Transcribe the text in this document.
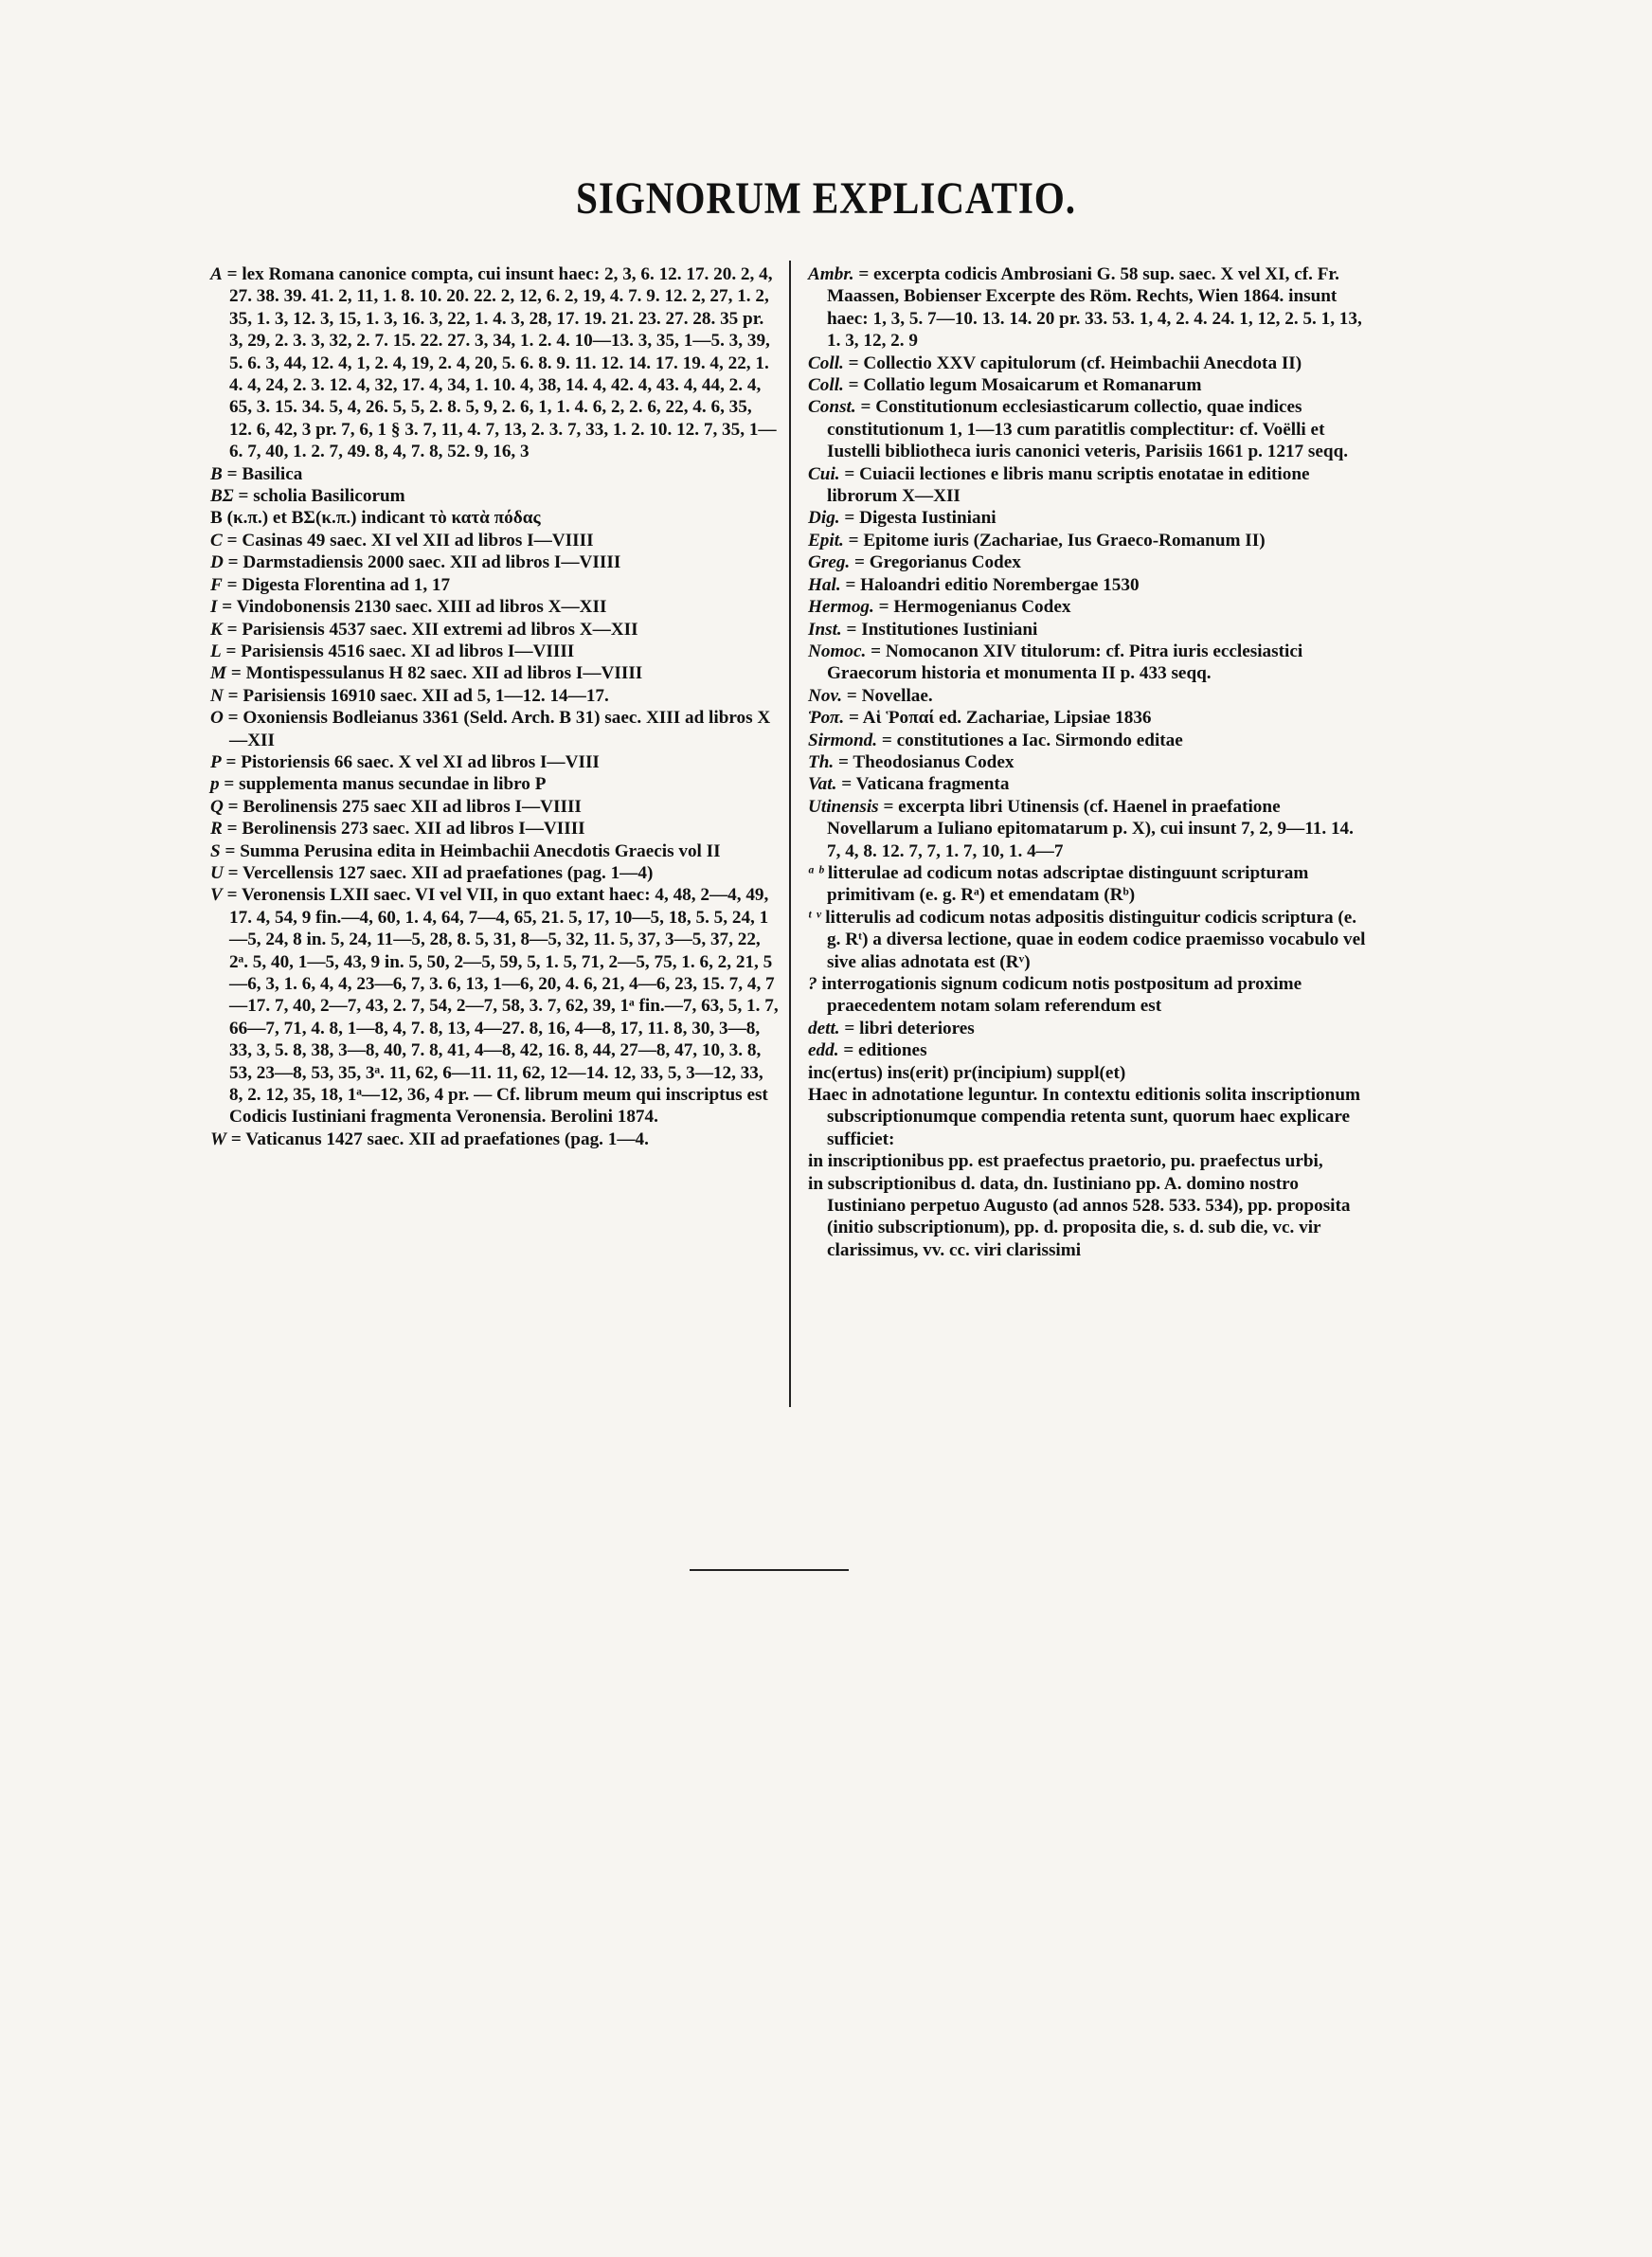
SIGNORUM EXPLICATIO.

A = lex Romana canonice compta, cui insunt haec: 2, 3, 6. 12. 17. 20. 2, 4, 27. 38. 39. 41. 2, 11, 1. 8. 10. 20. 22. 2, 12, 6. 2, 19, 4. 7. 9. 12. 2, 27, 1. 2, 35, 1. 3, 12. 3, 15, 1. 3, 16. 3, 22, 1. 4. 3, 28, 17. 19. 21. 23. 27. 28. 35 pr. 3, 29, 2. 3. 3, 32, 2. 7. 15. 22. 27. 3, 34, 1. 2. 4. 10—13. 3, 35, 1—5. 3, 39, 5. 6. 3, 44, 12. 4, 1, 2. 4, 19, 2. 4, 20, 5. 6. 8. 9. 11. 12. 14. 17. 19. 4, 22, 1. 4. 4, 24, 2. 3. 12. 4, 32, 17. 4, 34, 1. 10. 4, 38, 14. 4, 42. 4, 43. 4, 44, 2. 4, 65, 3. 15. 34. 5, 4, 26. 5, 5, 2. 8. 5, 9, 2. 6, 1, 1. 4. 6, 2, 2. 6, 22, 4. 6, 35, 12. 6, 42, 3 pr. 7, 6, 1 § 3. 7, 11, 4. 7, 13, 2. 3. 7, 33, 1. 2. 10. 12. 7, 35, 1—6. 7, 40, 1. 2. 7, 49. 8, 4, 7. 8, 52. 9, 16, 3

B = Basilica

BΣ = scholia Basilicorum

B (κ.π.) et BΣ(κ.π.) indicant τὸ κατὰ πόδας

C = Casinas 49 saec. XI vel XII ad libros I—VIIII

D = Darmstadiensis 2000 saec. XII ad libros I—VIIII

F = Digesta Florentina ad 1, 17

I = Vindobonensis 2130 saec. XIII ad libros X—XII

K = Parisiensis 4537 saec. XII extremi ad libros X—XII

L = Parisiensis 4516 saec. XI ad libros I—VIIII

M = Montispessulanus H 82 saec. XII ad libros I—VIIII

N = Parisiensis 16910 saec. XII ad 5, 1—12. 14—17.

O = Oxoniensis Bodleianus 3361 (Seld. Arch. B 31) saec. XIII ad libros X—XII

P = Pistoriensis 66 saec. X vel XI ad libros I—VIII

p = supplementa manus secundae in libro P

Q = Berolinensis 275 saec XII ad libros I—VIIII

R = Berolinensis 273 saec. XII ad libros I—VIIII

S = Summa Perusina edita in Heimbachii Anecdotis Graecis vol II

U = Vercellensis 127 saec. XII ad praefationes (pag. 1—4)

V = Veronensis LXII saec. VI vel VII, in quo extant haec: 4, 48, 2—4, 49, 17. 4, 54, 9 fin.—4, 60, 1. 4, 64, 7—4, 65, 21. 5, 17, 10—5, 18, 5. 5, 24, 1—5, 24, 8 in. 5, 24, 11—5, 28, 8. 5, 31, 8—5, 32, 11. 5, 37, 3—5, 37, 22, 2ᵃ. 5, 40, 1—5, 43, 9 in. 5, 50, 2—5, 59, 5, 1. 5, 71, 2—5, 75, 1. 6, 2, 21, 5—6, 3, 1. 6, 4, 4, 23—6, 7, 3. 6, 13, 1—6, 20, 4. 6, 21, 4—6, 23, 15. 7, 4, 7—17. 7, 40, 2—7, 43, 2. 7, 54, 2—7, 58, 3. 7, 62, 39, 1ᵃ fin.—7, 63, 5, 1. 7, 66—7, 71, 4. 8, 1—8, 4, 7. 8, 13, 4—27. 8, 16, 4—8, 17, 11. 8, 30, 3—8, 33, 3, 5. 8, 38, 3—8, 40, 7. 8, 41, 4—8, 42, 16. 8, 44, 27—8, 47, 10, 3. 8, 53, 23—8, 53, 35, 3ᵃ. 11, 62, 6—11. 11, 62, 12—14. 12, 33, 5, 3—12, 33, 8, 2. 12, 35, 18, 1ᵃ—12, 36, 4 pr. — Cf. librum meum qui inscriptus est Codicis Iustiniani fragmenta Veronensia. Berolini 1874.

W = Vaticanus 1427 saec. XII ad praefationes (pag. 1—4.

Ambr. = excerpta codicis Ambrosiani G. 58 sup. saec. X vel XI, cf. Fr. Maassen, Bobienser Excerpte des Röm. Rechts, Wien 1864. insunt haec: 1, 3, 5. 7—10. 13. 14. 20 pr. 33. 53. 1, 4, 2. 4. 24. 1, 12, 2. 5. 1, 13, 1. 3, 12, 2. 9

Coll. = Collectio XXV capitulorum (cf. Heimbachii Anecdota II)

Coll. = Collatio legum Mosaicarum et Romanarum

Const. = Constitutionum ecclesiasticarum collectio, quae indices constitutionum 1, 1—13 cum paratitlis complectitur: cf. Voëlli et Iustelli bibliotheca iuris canonici veteris, Parisiis 1661 p. 1217 seqq.

Cui. = Cuiacii lectiones e libris manu scriptis enotatae in editione librorum X—XII

Dig. = Digesta Iustiniani

Epit. = Epitome iuris (Zachariae, Ius Graeco-Romanum II)

Greg. = Gregorianus Codex

Hal. = Haloandri editio Norembergae 1530

Hermog. = Hermogenianus Codex

Inst. = Institutiones Iustiniani

Nomoc. = Nomocanon XIV titulorum: cf. Pitra iuris ecclesiastici Graecorum historia et monumenta II p. 433 seqq.

Nov. = Novellae.

Ῥοπ. = Αἱ Ῥοπαί ed. Zachariae, Lipsiae 1836

Sirmond. = constitutiones a Iac. Sirmondo editae

Th. = Theodosianus Codex

Vat. = Vaticana fragmenta

Utinensis = excerpta libri Utinensis (cf. Haenel in praefatione Novellarum a Iuliano epitomatarum p. X), cui insunt 7, 2, 9—11. 14. 7, 4, 8. 12. 7, 7, 1. 7, 10, 1. 4—7

ᵃ ᵇ litterulae ad codicum notas adscriptae distinguunt scripturam primitivam (e. g. Rᵃ) et emendatam (Rᵇ)

ᵗ ᵛ litterulis ad codicum notas adpositis distinguitur codicis scriptura (e. g. Rᵗ) a diversa lectione, quae in eodem codice praemisso vocabulo vel sive alias adnotata est (Rᵛ)

? interrogationis signum codicum notis postpositum ad proxime praecedentem notam solam referendum est

dett. = libri deteriores

edd. = editiones

inc(ertus) ins(erit) pr(incipium) suppl(et)

Haec in adnotatione leguntur. In contextu editionis solita inscriptionum subscriptionumque compendia retenta sunt, quorum haec explicare sufficiet:

in inscriptionibus pp. est praefectus praetorio, pu. praefectus urbi,

in subscriptionibus d. data, dn. Iustiniano pp. A. domino nostro Iustiniano perpetuo Augusto (ad annos 528. 533. 534), pp. proposita (initio subscriptionum), pp. d. proposita die, s. d. sub die, vc. vir clarissimus, vv. cc. viri clarissimi
